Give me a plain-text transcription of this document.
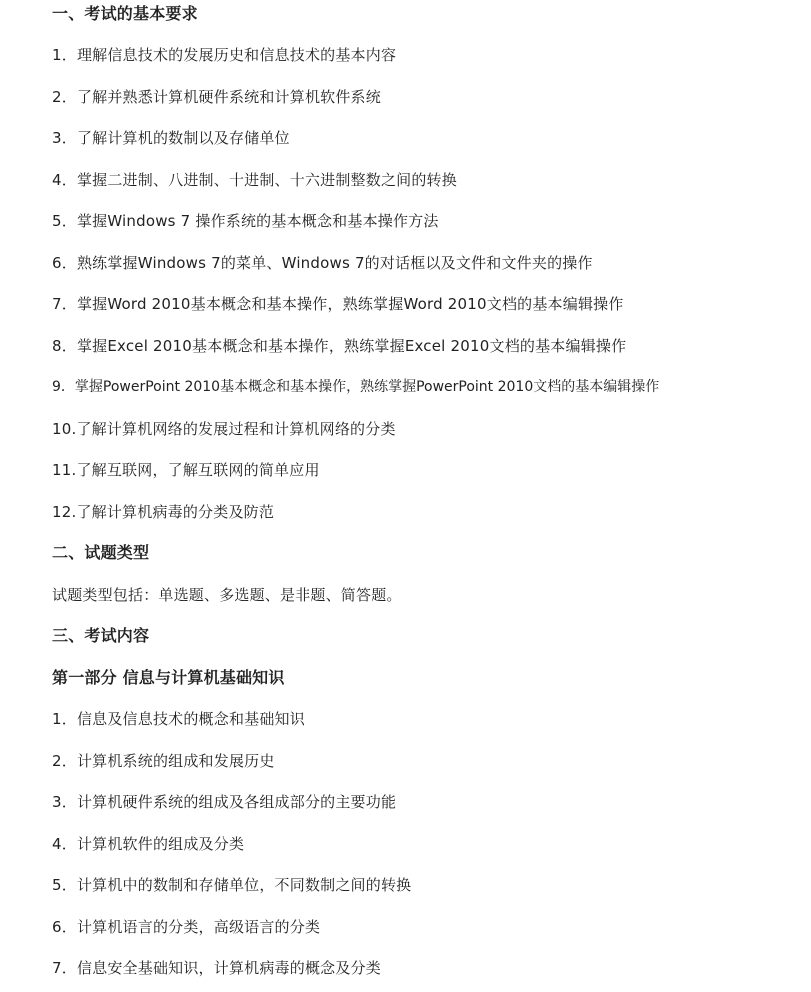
一、考试的基本要求
1．理解信息技术的发展历史和信息技术的基本内容
2．了解并熟悉计算机硬件系统和计算机软件系统
3．了解计算机的数制以及存储单位
4．掌握二进制、八进制、十进制、十六进制整数之间的转换
5．掌握Windows 7 操作系统的基本概念和基本操作方法
6．熟练掌握Windows 7的菜单、Windows 7的对话框以及文件和文件夹的操作
7．掌握Word 2010基本概念和基本操作，熟练掌握Word 2010文档的基本编辑操作
8．掌握Excel 2010基本概念和基本操作，熟练掌握Excel 2010文档的基本编辑操作
9．掌握PowerPoint 2010基本概念和基本操作，熟练掌握PowerPoint 2010文档的基本编辑操作
10.了解计算机网络的发展过程和计算机网络的分类
11.了解互联网，了解互联网的简单应用
12.了解计算机病毒的分类及防范
二、试题类型
试题类型包括：单选题、多选题、是非题、简答题。
三、考试内容
第一部分 信息与计算机基础知识
1．信息及信息技术的概念和基础知识
2．计算机系统的组成和发展历史
3．计算机硬件系统的组成及各组成部分的主要功能
4．计算机软件的组成及分类
5．计算机中的数制和存储单位，不同数制之间的转换
6．计算机语言的分类，高级语言的分类
7．信息安全基础知识，计算机病毒的概念及分类
